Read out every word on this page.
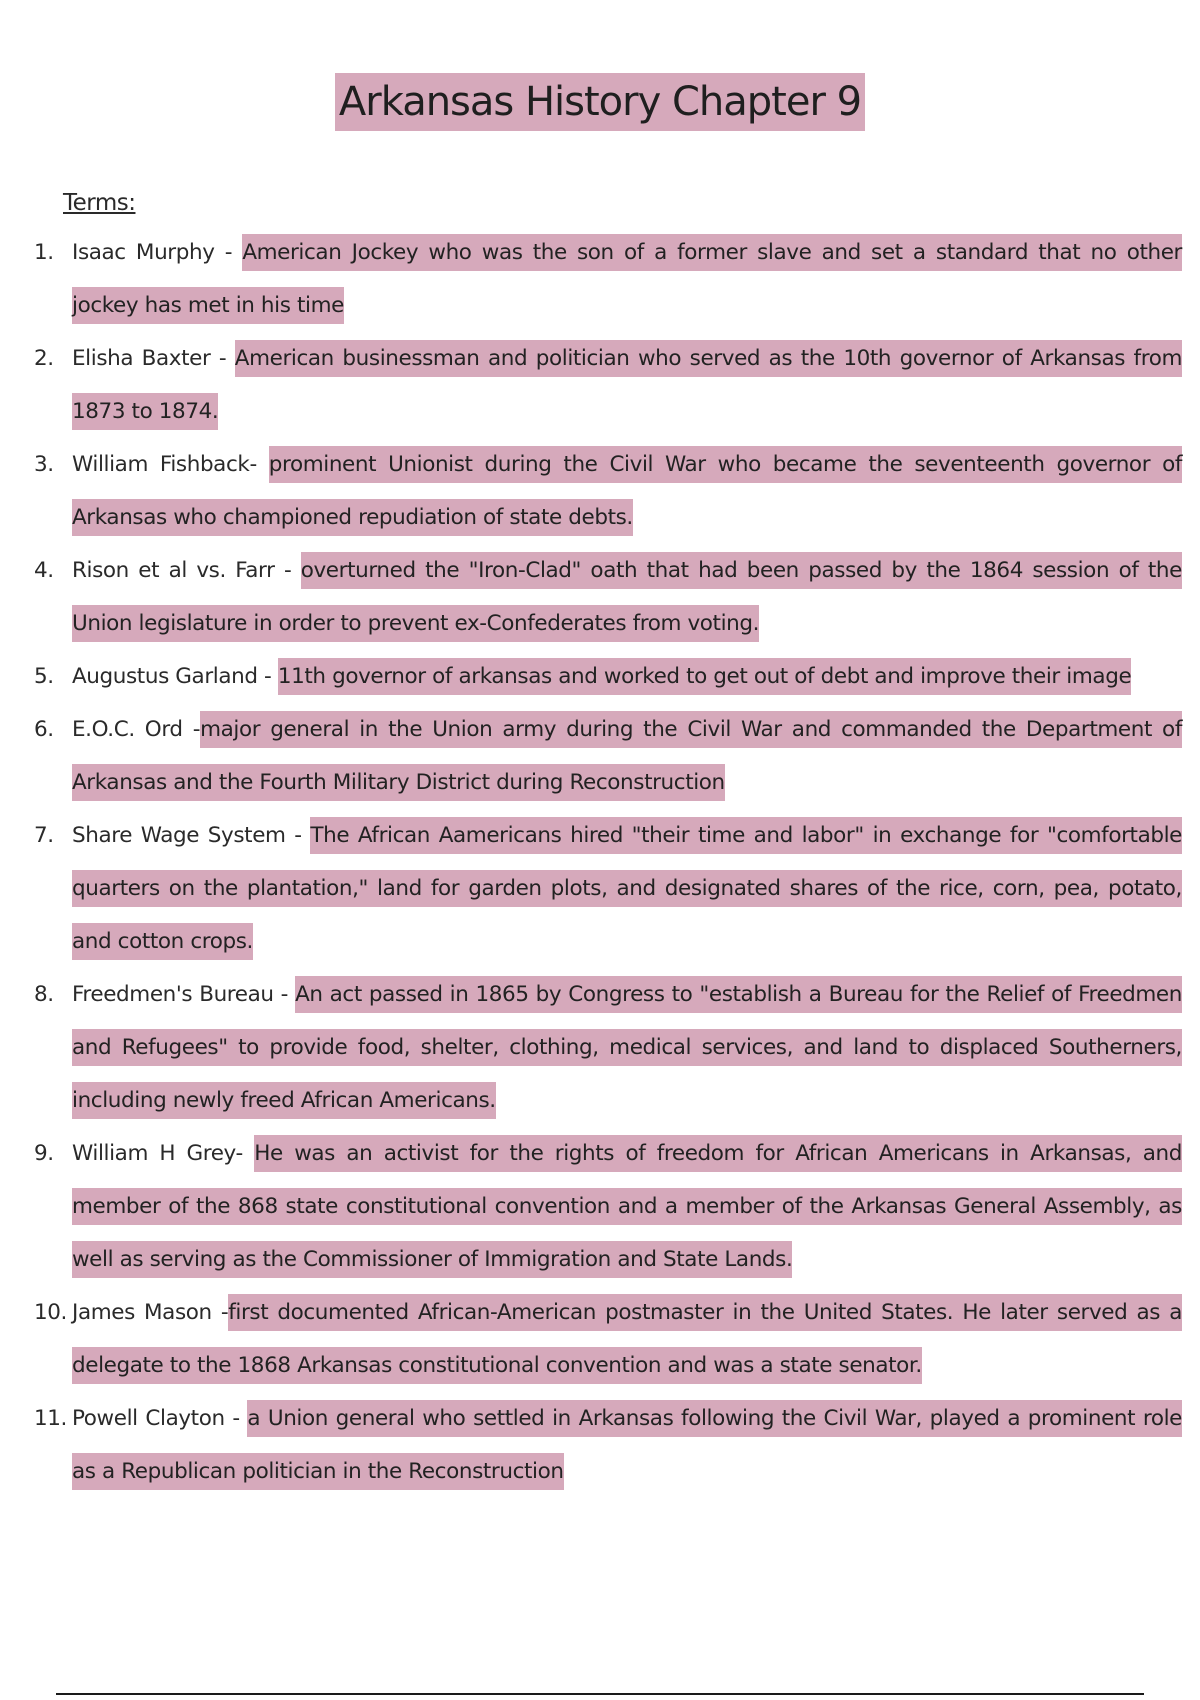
Arkansas History Chapter 9
Terms:
1. Isaac Murphy - American Jockey who was the son of a former slave and set a standard that no other jockey has met in his time
2. Elisha Baxter - American businessman and politician who served as the 10th governor of Arkansas from 1873 to 1874.
3. William Fishback- prominent Unionist during the Civil War who became the seventeenth governor of Arkansas who championed repudiation of state debts.
4. Rison et al vs. Farr - overturned the "Iron-Clad" oath that had been passed by the 1864 session of the Union legislature in order to prevent ex-Confederates from voting.
5. Augustus Garland - 11th governor of arkansas and worked to get out of debt and improve their image
6. E.O.C. Ord -major general in the Union army during the Civil War and commanded the Department of Arkansas and the Fourth Military District during Reconstruction
7. Share Wage System - The African Aamericans hired "their time and labor" in exchange for "comfortable quarters on the plantation," land for garden plots, and designated shares of the rice, corn, pea, potato, and cotton crops.
8. Freedmen's Bureau - An act passed in 1865 by Congress to "establish a Bureau for the Relief of Freedmen and Refugees" to provide food, shelter, clothing, medical services, and land to displaced Southerners, including newly freed African Americans.
9. William H Grey- He was an activist for the rights of freedom for African Americans in Arkansas, and member of the 868 state constitutional convention and a member of the Arkansas General Assembly, as well as serving as the Commissioner of Immigration and State Lands.
10. James Mason -first documented African-American postmaster in the United States. He later served as a delegate to the 1868 Arkansas constitutional convention and was a state senator.
11. Powell Clayton - a Union general who settled in Arkansas following the Civil War, played a prominent role as a Republican politician in the Reconstruction
